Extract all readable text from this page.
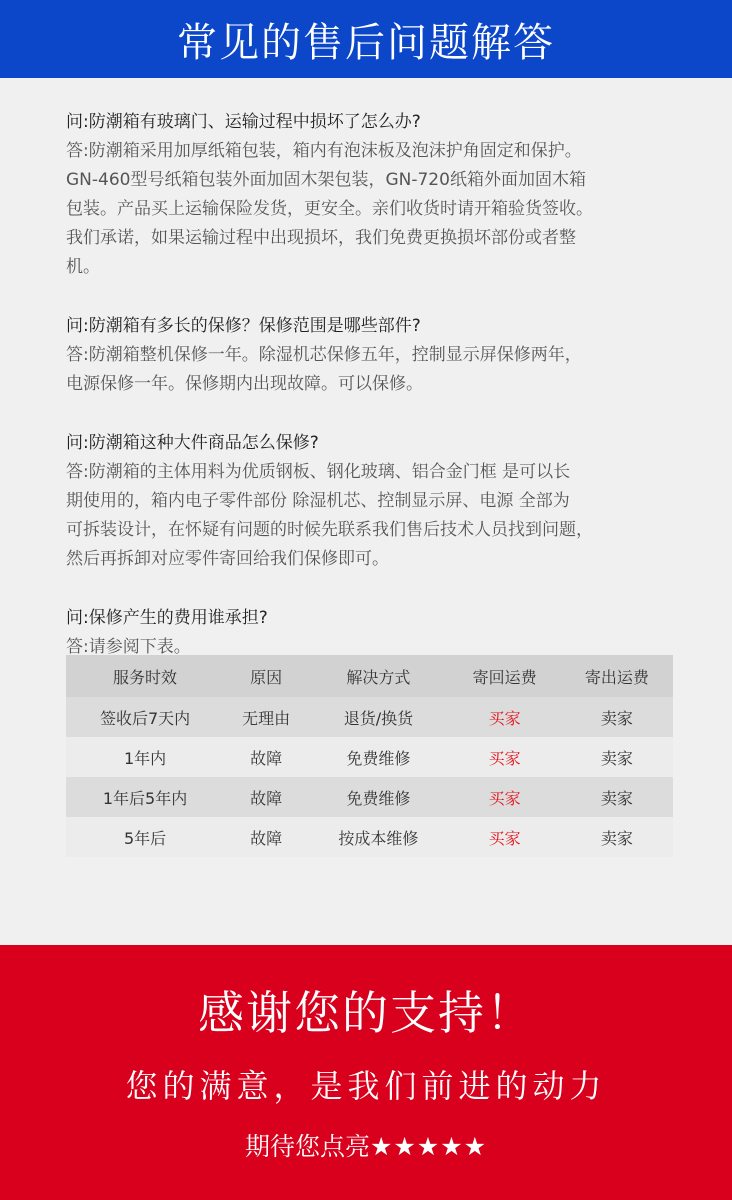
常见的售后问题解答
问:防潮箱有玻璃门、运输过程中损坏了怎么办?
答:防潮箱采用加厚纸箱包装，箱内有泡沫板及泡沫护角固定和保护。
GN-460型号纸箱包装外面加固木架包装，GN-720纸箱外面加固木箱
包装。产品买上运输保险发货，更安全。亲们收货时请开箱验货签收。
我们承诺，如果运输过程中出现损坏，我们免费更换损坏部份或者整
机。
问:防潮箱有多长的保修？保修范围是哪些部件?
答:防潮箱整机保修一年。除湿机芯保修五年，控制显示屏保修两年，
电源保修一年。保修期内出现故障。可以保修。
问:防潮箱这种大件商品怎么保修?
答:防潮箱的主体用料为优质钢板、钢化玻璃、铝合金门框 是可以长
期使用的，箱内电子零件部份 除湿机芯、控制显示屏、电源 全部为
可拆装设计，在怀疑有问题的时候先联系我们售后技术人员找到问题，
然后再拆卸对应零件寄回给我们保修即可。
问:保修产生的费用谁承担?
答:请参阅下表。
服务时效	原因	解决方式	寄回运费	寄出运费
签收后7天内	无理由	退货/换货	买家	卖家
1年内	故障	免费维修	买家	卖家
1年后5年内	故障	免费维修	买家	卖家
5年后	故障	按成本维修	买家	卖家
感谢您的支持！
您的满意，是我们前进的动力
期待您点亮★★★★★
